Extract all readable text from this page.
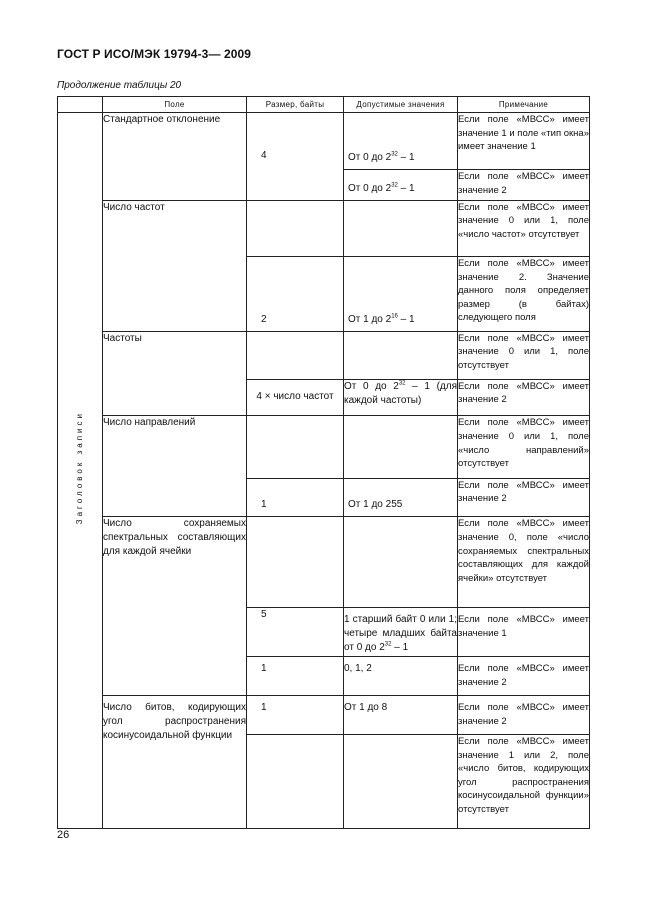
ГОСТ Р ИСО/МЭК 19794-3— 2009
Продолжение таблицы 20
	Поле	Размер, байты	Допустимые значения	Примечание
Заголовок записи	Стандартное отклонение	4	От 0 до $2^{32} - 1$	Если поле «МВСС» имеет значение 1 и поле «тип окна» имеет значение 1
			От 0 до $2^{32} - 1$	Если поле «МВСС» имеет значение 2
	Число частот			Если поле «МВСС» имеет значение 0 или 1, поле «число частот» отсутствует
		2	От 1 до $2^{16} - 1$	Если поле «МВСС» имеет значение 2. Значение данного поля определяет размер (в байтах) следующего поля
	Частоты			Если поле «МВСС» имеет значение 0 или 1, поле отсутствует
		4 × число частот	От 0 до $2^{32} - 1$ (для каждой частоты)	Если поле «МВСС» имеет значение 2
	Число направлений			Если поле «МВСС» имеет значение 0 или 1, поле «число направлений» отсутствует
		1	От 1 до 255	Если поле «МВСС» имеет значение 2
	Число сохраняемых спектральных составляющих для каждой ячейки			Если поле «МВСС» имеет значение 0, поле «число сохраняемых спектральных составляющих для каждой ячейки» отсутствует
		5	1 старший байт 0 или 1; четыре младших байта от 0 до $2^{32} - 1$	Если поле «МВСС» имеет значение 1
		1	0, 1, 2	Если поле «МВСС» имеет значение 2
	Число битов, кодирующих угол распространения косинусоидальной функции	1	От 1 до 8	Если поле «МВСС» имеет значение 2
				Если поле «МВСС» имеет значение 1 или 2, поле «число битов, кодирующих угол распространения косинусоидальной функции» отсутствует
26
